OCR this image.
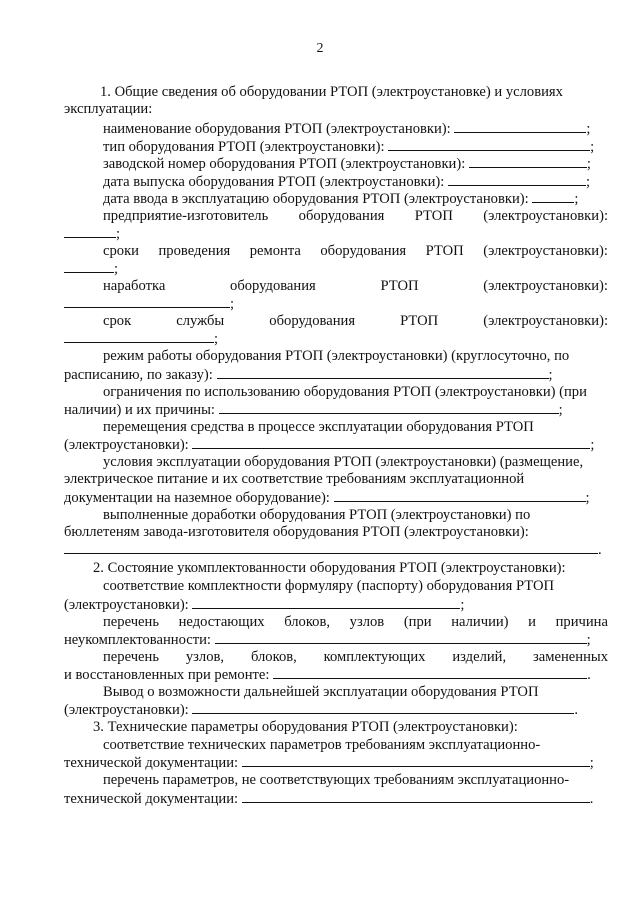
2
1. Общие сведения об оборудовании РТОП (электроустановке) и условиях
эксплуатации:
наименование оборудования РТОП (электроустановки):	;
тип оборудования РТОП (электроустановки):	;
заводской номер оборудования РТОП (электроустановки):	;
дата выпуска оборудования РТОП (электроустановки):	;
дата ввода в эксплуатацию оборудования РТОП (электроустановки):	;
предприятие-изготовитель оборудования РТОП (электроустановки):
;
сроки проведения ремонта оборудования РТОП (электроустановки):
;
наработка	оборудования	РТОП	(электроустановки):
;
срок	службы	оборудования	РТОП	(электроустановки):
;
режим работы оборудования РТОП (электроустановки) (круглосуточно, по
расписанию, по заказу):	;
ограничения по использованию оборудования РТОП (электроустановки) (при
наличии) и их причины:	;
перемещения средства в процессе эксплуатации оборудования РТОП
(электроустановки):	;
условия эксплуатации оборудования РТОП (электроустановки) (размещение,
электрическое питание и их соответствие требованиям эксплуатационной
документации на наземное оборудование):	;
выполненные доработки оборудования РТОП (электроустановки) по
бюллетеням завода-изготовителя оборудования РТОП (электроустановки):
.
2. Состояние укомплектованности оборудования РТОП (электроустановки):
соответствие комплектности формуляру (паспорту) оборудования РТОП
(электроустановки):	;
перечень недостающих блоков, узлов (при наличии) и причина
неукомплектованности:	;
перечень узлов, блоков, комплектующих изделий, замененных
и восстановленных при ремонте:	.
Вывод о возможности дальнейшей эксплуатации оборудования РТОП
(электроустановки):	.
3. Технические параметры оборудования РТОП (электроустановки):
соответствие технических параметров требованиям эксплуатационно-
технической документации:	;
перечень параметров, не соответствующих требованиям эксплуатационно-
технической документации:	.
